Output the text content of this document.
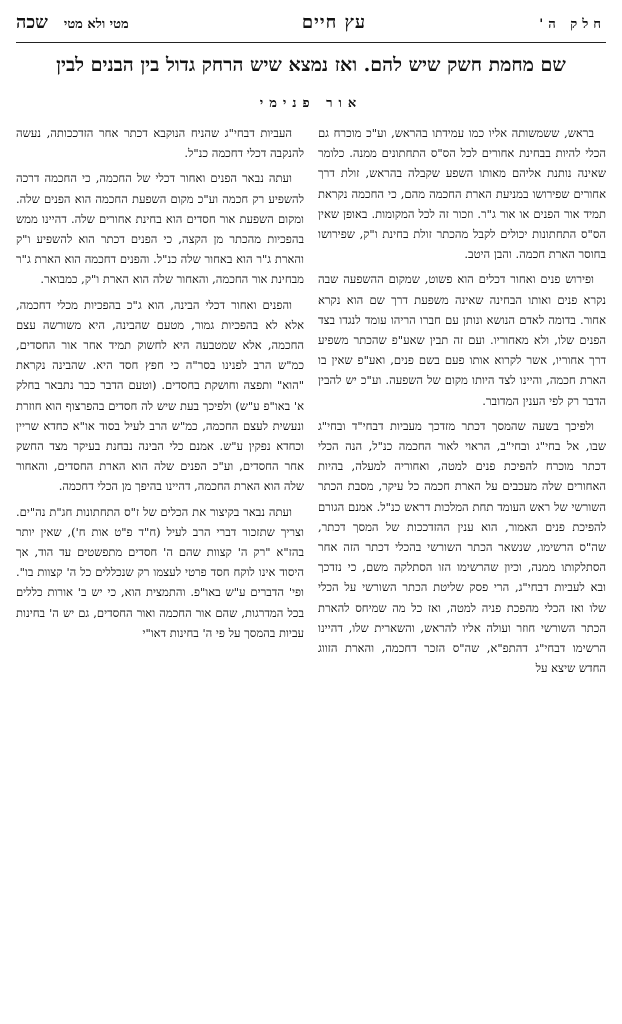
חלק ה'
עץ חיים
שכה מטי ולא מטי
שם מחמת חשק שיש להם. ואז נמצא שיש הרחק גדול בין הבנים לבין
אור פנימי

בראש, ששמשותה אליו כמו עמידתו בהראש, וע"כ מוכרח גם הכלי להיות בבחינת אחורים לכל הס"ס התחתונים ממנה. כלומר שאינה נותנת אליהם מאותו השפע שקבלה בהראש, זולת דרך אחורים שפירושו במניעת הארת החכמה מהם, כי החכמה נקראת תמיד אור הפנים או אור ג"ר. וזכור זה לכל המקומות. באופן שאין הס"ס התחתונות יכולים לקבל מהכתר זולת בחינת ו"ק, שפירושו בחוסר הארת חכמה. והבן היטב.

ופירוש פנים ואחור דכלים הוא פשוט, שמקום ההשפעה שבה נקרא פנים ואותו הבחינה שאינה משפעת דרך שם הוא נקרא אחור. בדומה לאדם הנושא ונותן עם חברו הריהו עומד לנגדו בצד הפנים שלו, ולא מאחוריו. ועם זה תבין שאע"פ שהכתר משפיע דרך אחוריו, אשר לקרוא אותו פעם בשם פנים, ואע"פ שאין בו הארת חכמה, והיינו לצד היותו מקום של השפעה. וע"כ יש להבין הדבר רק לפי הענין המדובר.

ולפיכך בשעה שהמסך דכתר מזדכך מעביות דבחי"ד ובחי"ג שבו, אל בחי"ג ובחי"ב, הראוי לאור החכמה כנ"ל, הנה הכלי דכתר מוכרח להפיכת פנים למטה, ואחוריה למעלה, בהיות האחורים שלה מעכבים על הארת חכמה כל עיקר, מסבת הכתר השורשי של ראש העומד תחת המלכות דראש כנ"ל. אמנם הגורם להפיכת פנים האמור, הוא ענין ההזדככות של המסך דכתר, שה"ס הרשימו, שנשאר הכתר השורשי בהכלי דכתר הזה אחר הסתלקותו ממנה, וכיון שהרשימו הזו הסתלקה משם, כי נזדכך ובא לעביות דבחי"ג, הרי פסק שליטת הכתר השורשי על הכלי שלו ואז הכלי מהפכת פניה למטה, ואז כל מה שמיחס להארת הכתר השורשי חוזר ועולה אליו להראש, והשארית שלו, דהיינו הרשימו דבחי"ג דהתפ"א, שה"ס הזכר דחכמה, והארת הזווג החדש שיצא על

העביות דבחי"ג שהניח הנוקבא דכתר אחר הזדככותה, נעשה להנקבה דכלי דחכמה כנ"ל.

ועתה נבאר הפנים ואחור דכלי של החכמה, כי החכמה דרכה להשפיע רק חכמה וע"כ מקום השפעת החכמה הוא הפנים שלה. ומקום השפעת אור חסדים הוא בחינת אחורים שלה. דהיינו ממש בהפכיות מהכתר מן הקצה, כי הפנים דכתר הוא להשפיע ו"ק והארת ג"ר הוא באחור שלה כנ"ל. והפנים דחכמה הוא הארת ג"ר מבחינת אור החכמה, והאחור שלה הוא הארת ו"ק, כמבואר.

והפנים ואחור דכלי הבינה, הוא ג"כ בהפכיות מכלי דחכמה, אלא לא בהפכיות גמור, מטעם שהבינה, היא משורשה עצם החכמה, אלא שמטבעה היא לחשוק תמיד אחר אור החסדים, כמ"ש הרב לפנינו בסר"ה כי חפץ חסד היא. שהבינה נקראת "הוא" ותפצה וחושקת בחסדים. (וטעם הדבר כבר נתבאר בחלק א' באו"פ ע"ש) ולפיכך בעת שיש לה חסדים בהפרצוף הוא חוזרת ונעשית לעצם החכמה, כמ"ש הרב לעיל בסוד או"א כחדא שריין וכחדא נפקין ע"ש. אמנם כלי הבינה נבחנת בעיקר מצד החשק אחר החסדים, וע"כ הפנים שלה הוא הארת החסדים, והאחור שלה הוא הארת החכמה, דהיינו בהיפך מן הכלי דחכמה.

ועתה נבאר בקיצור את הכלים של ז"ס התחתונות חג"ת נה"ים. וצריך שתזכור דברי הרב לעיל (ח"ד פ"ט אות ח'), שאין יותר בהז"א "רק ה' קצוות שהם ה' חסדים מתפשטים עד הוד, אך היסוד אינו לוקח חסד פרטי לעצמו רק שנכללים כל ה' קצוות בו". ופי' הדברים ע"ש באו"פ. והתמצית הוא, כי יש ב' אורות כללים בכל המדרגות, שהם אור החכמה ואור החסדים, גם יש ה' בחינות עביות בהמסך על פי ה' בחינות דאו"י
